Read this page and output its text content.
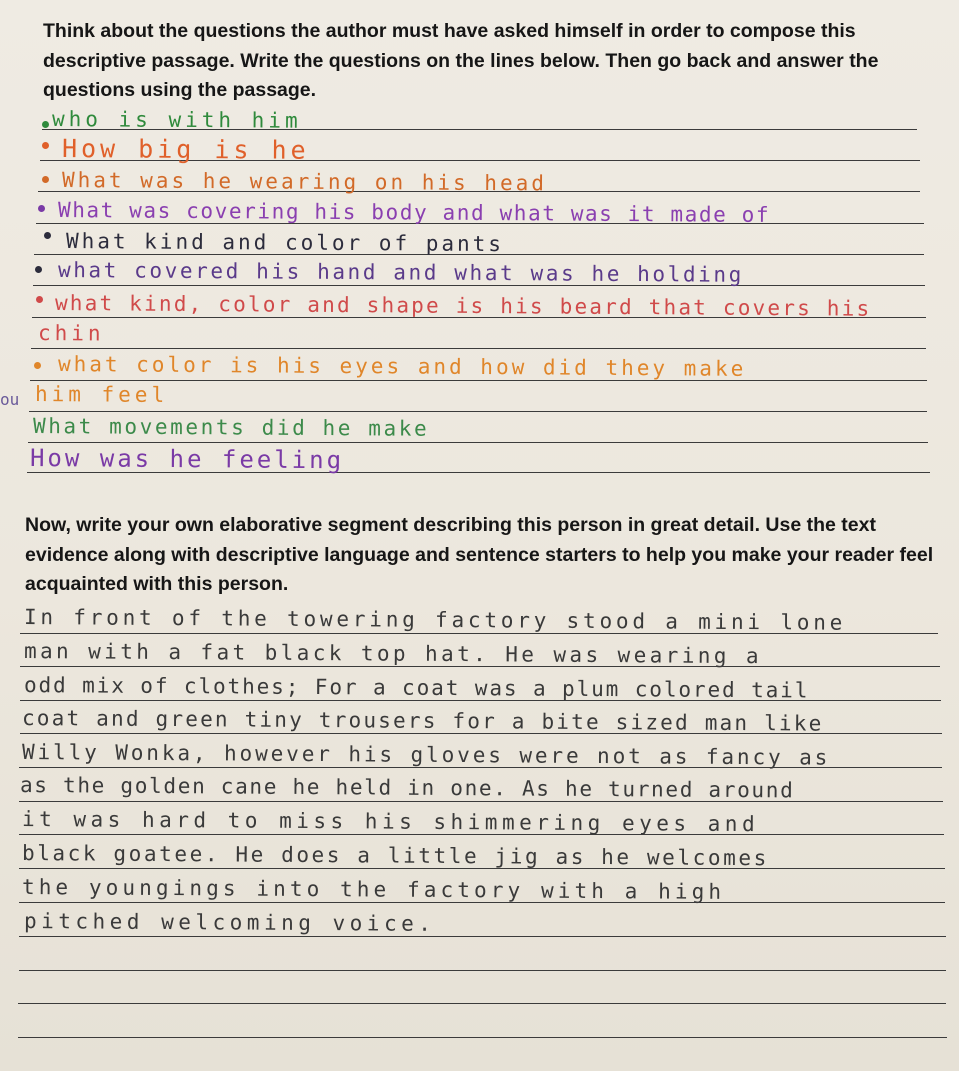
Think about the questions the author must have asked himself in order to compose this descriptive passage. Write the questions on the lines below. Then go back and answer the questions using the passage.

who is with him
How big is he
What was he wearing on his head
What was covering his body and what was it made of
What kind and color of pants
what covered his hand and what was he holding
what kind, color and shape is his beard that covers his
chin
what color is his eyes and how did they make
him feel
ou
What movements did he make
How was he feeling

Now, write your own elaborative segment describing this person in great detail. Use the text evidence along with descriptive language and sentence starters to help you make your reader feel acquainted with this person.

In front of the towering factory stood a mini lone
man with a fat black top hat. He was wearing a
odd mix of clothes; For a coat was a plum colored tail
coat and green tiny trousers for a bite sized man like
Willy Wonka, however his gloves were not as fancy as
as the golden cane he held in one. As he turned around
it was hard to miss his shimmering eyes and
black goatee. He does a little jig as he welcomes
the youngings into the factory with a high
pitched welcoming voice.
